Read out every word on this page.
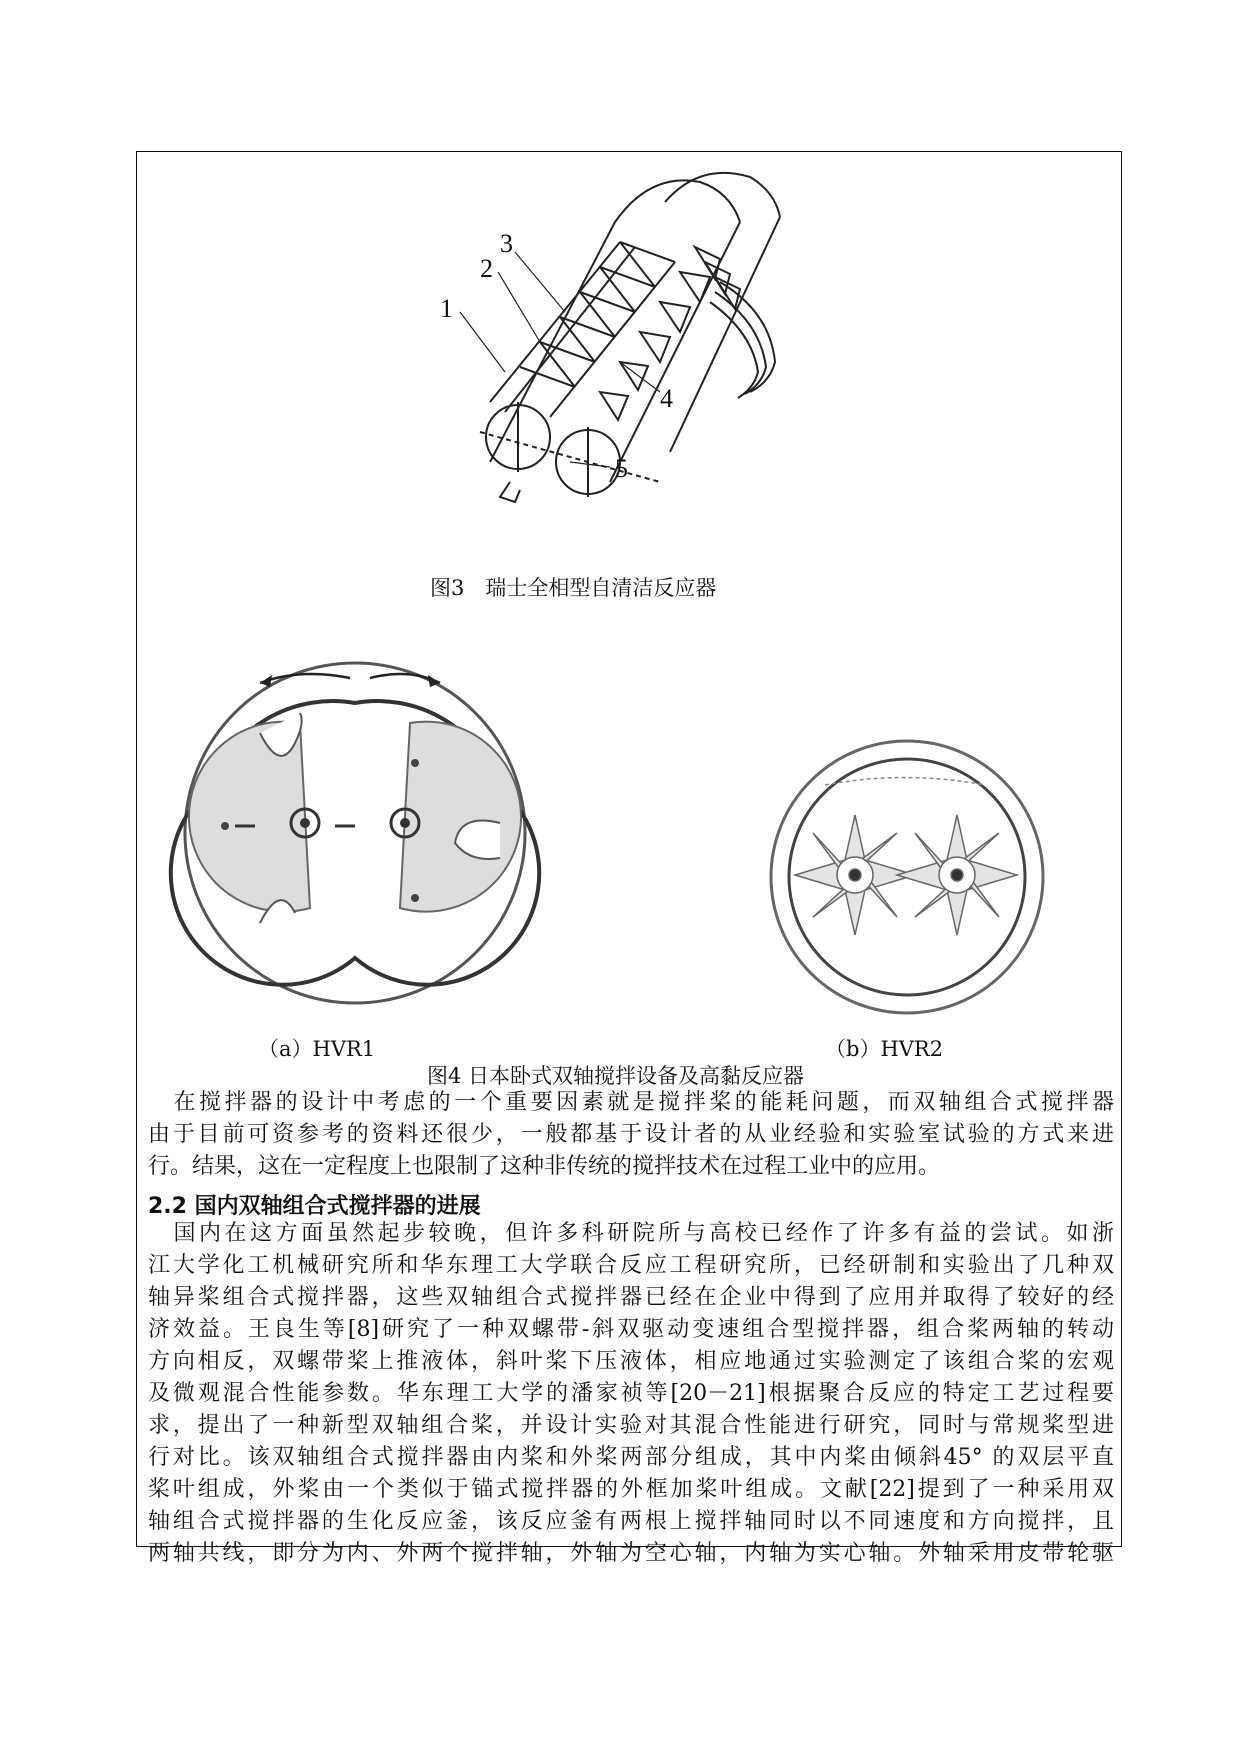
1
2
3
4
5
图3　瑞士全相型自清洁反应器
（a）HVR1	（b）HVR2
图4 日本卧式双轴搅拌设备及高黏反应器
　在搅拌器的设计中考虑的一个重要因素就是搅拌桨的能耗问题，而双轴组合式搅拌器
由于目前可资参考的资料还很少，一般都基于设计者的从业经验和实验室试验的方式来进
行。结果，这在一定程度上也限制了这种非传统的搅拌技术在过程工业中的应用。
2.2 国内双轴组合式搅拌器的进展
　国内在这方面虽然起步较晚，但许多科研院所与高校已经作了许多有益的尝试。如浙
江大学化工机械研究所和华东理工大学联合反应工程研究所，已经研制和实验出了几种双
轴异桨组合式搅拌器，这些双轴组合式搅拌器已经在企业中得到了应用并取得了较好的经
济效益。王良生等[8]研究了一种双螺带-斜双驱动变速组合型搅拌器，组合桨两轴的转动
方向相反，双螺带桨上推液体，斜叶桨下压液体，相应地通过实验测定了该组合桨的宏观
及微观混合性能参数。华东理工大学的潘家祯等[20－21]根据聚合反应的特定工艺过程要
求，提出了一种新型双轴组合桨，并设计实验对其混合性能进行研究，同时与常规桨型进
行对比。该双轴组合式搅拌器由内桨和外桨两部分组成，其中内桨由倾斜45° 的双层平直
桨叶组成，外桨由一个类似于锚式搅拌器的外框加桨叶组成。文献[22]提到了一种采用双
轴组合式搅拌器的生化反应釜，该反应釜有两根上搅拌轴同时以不同速度和方向搅拌，且
两轴共线，即分为内、外两个搅拌轴，外轴为空心轴，内轴为实心轴。外轴采用皮带轮驱
